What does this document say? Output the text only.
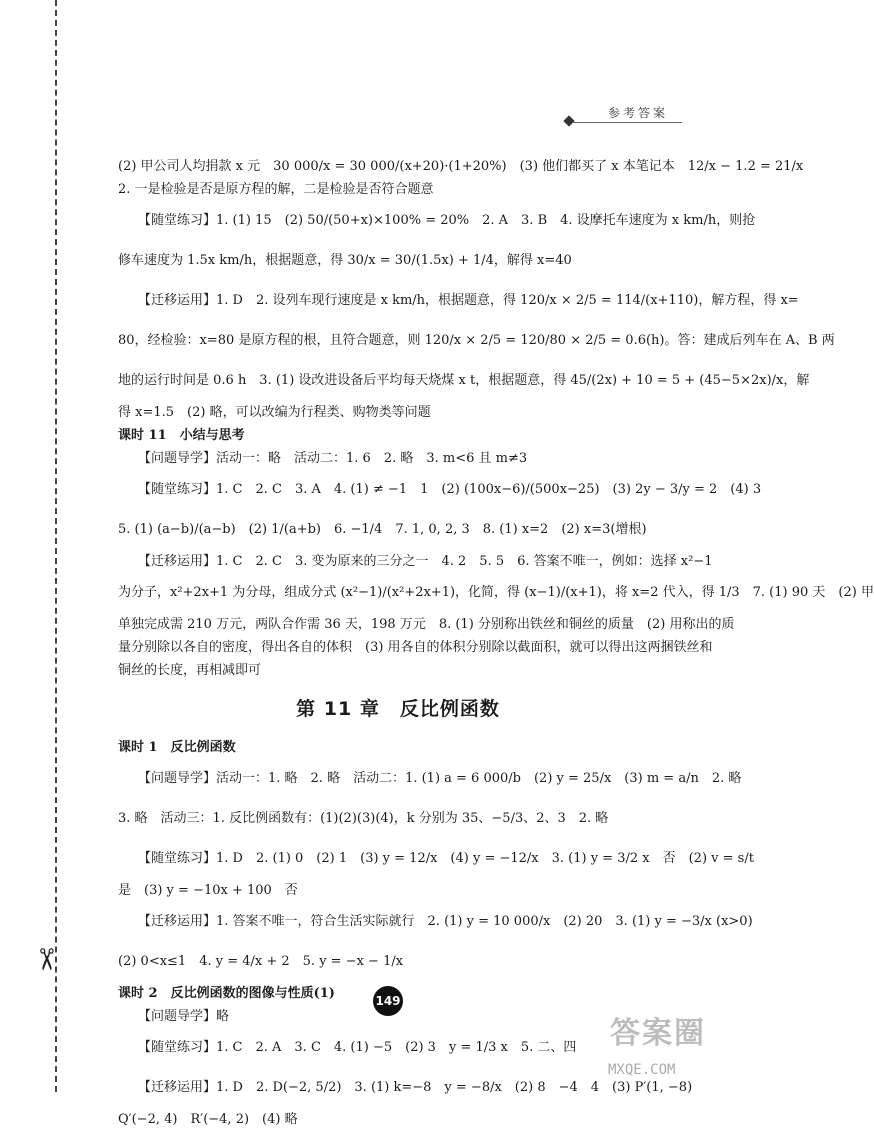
✂
参考答案
(2) 甲公司人均捐款 x 元　30 000/x = 30 000/(x+20)·(1+20%)　(3) 他们都买了 x 本笔记本　12/x − 1.2 = 21/x
2. 一是检验是否是原方程的解，二是检验是否符合题意
【随堂练习】1. (1) 15　(2) 50/(50+x)×100% = 20%　2. A　3. B　4. 设摩托车速度为 x km/h，则抢
修车速度为 1.5x km/h，根据题意，得 30/x = 30/(1.5x) + 1/4，解得 x=40
【迁移运用】1. D　2. 设列车现行速度是 x km/h，根据题意，得 120/x × 2/5 = 114/(x+110)，解方程，得 x=
80，经检验：x=80 是原方程的根，且符合题意，则 120/x × 2/5 = 120/80 × 2/5 = 0.6(h)。答：建成后列车在 A、B 两
地的运行时间是 0.6 h　3. (1) 设改进设备后平均每天烧煤 x t，根据题意，得 45/(2x) + 10 = 5 + (45−5×2x)/x，解
得 x=1.5　(2) 略，可以改编为行程类、购物类等问题
课时 11　小结与思考
【问题导学】活动一：略　活动二：1. 6　2. 略　3. m<6 且 m≠3
【随堂练习】1. C　2. C　3. A　4. (1) ≠ −1　1　(2) (100x−6)/(500x−25)　(3) 2y − 3/y = 2　(4) 3
5. (1) (a−b)/(a−b)　(2) 1/(a+b)　6. −1/4　7. 1, 0, 2, 3　8. (1) x=2　(2) x=3(增根)
【迁移运用】1. C　2. C　3. 变为原来的三分之一　4. 2　5. 5　6. 答案不唯一，例如：选择 x²−1
为分子，x²+2x+1 为分母，组成分式 (x²−1)/(x²+2x+1)，化简，得 (x−1)/(x+1)，将 x=2 代入，得 1/3　7. (1) 90 天　(2) 甲
单独完成需 210 万元，两队合作需 36 天，198 万元　8. (1) 分别称出铁丝和铜丝的质量　(2) 用称出的质
量分别除以各自的密度，得出各自的体积　(3) 用各自的体积分别除以截面积，就可以得出这两捆铁丝和
铜丝的长度，再相减即可
第 11 章　反比例函数
课时 1　反比例函数
【问题导学】活动一：1. 略　2. 略　活动二：1. (1) a = 6 000/b　(2) y = 25/x　(3) m = a/n　2. 略
3. 略　活动三：1. 反比例函数有：(1)(2)(3)(4)，k 分别为 35、−5/3、2、3　2. 略
【随堂练习】1. D　2. (1) 0　(2) 1　(3) y = 12/x　(4) y = −12/x　3. (1) y = 3/2 x　否　(2) v = s/t
是　(3) y = −10x + 100　否
【迁移运用】1. 答案不唯一，符合生活实际就行　2. (1) y = 10 000/x　(2) 20　3. (1) y = −3/x (x>0)
(2) 0<x≤1　4. y = 4/x + 2　5. y = −x − 1/x
课时 2　反比例函数的图像与性质(1)
【问题导学】略
【随堂练习】1. C　2. A　3. C　4. (1) −5　(2) 3　y = 1/3 x　5. 二、四
【迁移运用】1. D　2. D(−2, 5/2)　3. (1) k=−8　y = −8/x　(2) 8　−4　4　(3) P′(1, −8)
Q′(−2, 4)　R′(−4, 2)　(4) 略
149
答案圈
MXQE.COM
